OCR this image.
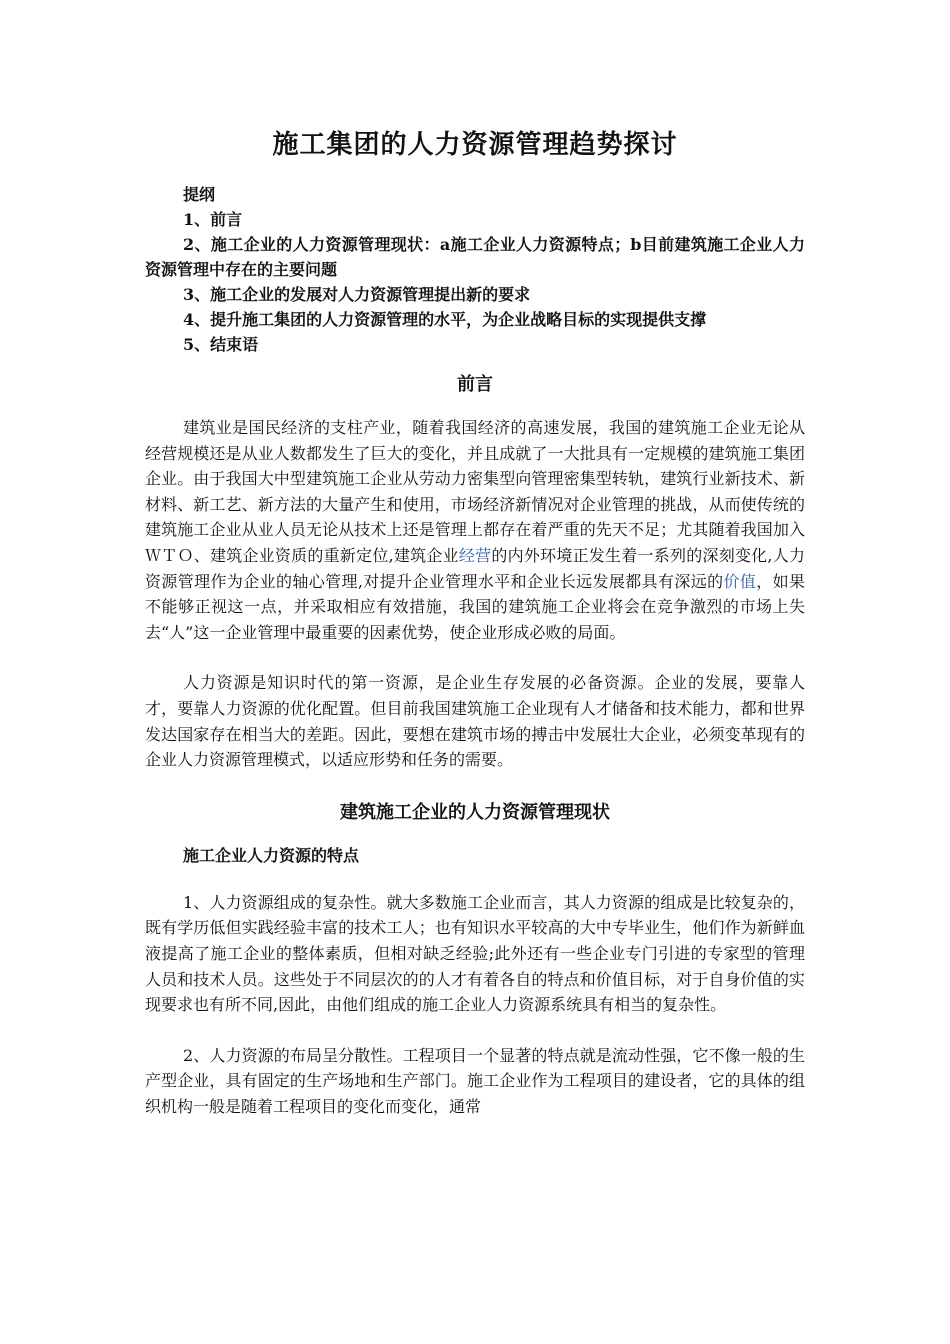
施工集团的人力资源管理趋势探讨
提纲
1、前言
2、施工企业的人力资源管理现状：a施工企业人力资源特点；b目前建筑施工企业人力资源管理中存在的主要问题
3、施工企业的发展对人力资源管理提出新的要求
4、提升施工集团的人力资源管理的水平，为企业战略目标的实现提供支撑
5、结束语
前言

建筑业是国民经济的支柱产业，随着我国经济的高速发展，我国的建筑施工企业无论从经营规模还是从业人数都发生了巨大的变化，并且成就了一大批具有一定规模的建筑施工集团企业。由于我国大中型建筑施工企业从劳动力密集型向管理密集型转轨，建筑行业新技术、新材料、新工艺、新方法的大量产生和使用，市场经济新情况对企业管理的挑战，从而使传统的建筑施工企业从业人员无论从技术上还是管理上都存在着严重的先天不足；尤其随着我国加入ＷＴＯ、建筑企业资质的重新定位,建筑企业经营的内外环境正发生着一系列的深刻变化,人力资源管理作为企业的轴心管理,对提升企业管理水平和企业长远发展都具有深远的价值，如果不能够正视这一点，并采取相应有效措施，我国的建筑施工企业将会在竞争激烈的市场上失去“人”这一企业管理中最重要的因素优势，使企业形成必败的局面。

人力资源是知识时代的第一资源，是企业生存发展的必备资源。企业的发展，要靠人才，要靠人力资源的优化配置。但目前我国建筑施工企业现有人才储备和技术能力，都和世界发达国家存在相当大的差距。因此，要想在建筑市场的搏击中发展壮大企业，必须变革现有的企业人力资源管理模式，以适应形势和任务的需要。

建筑施工企业的人力资源管理现状
施工企业人力资源的特点

1、人力资源组成的复杂性。就大多数施工企业而言，其人力资源的组成是比较复杂的，既有学历低但实践经验丰富的技术工人；也有知识水平较高的大中专毕业生，他们作为新鲜血液提高了施工企业的整体素质，但相对缺乏经验;此外还有一些企业专门引进的专家型的管理人员和技术人员。这些处于不同层次的的人才有着各自的特点和价值目标，对于自身价值的实现要求也有所不同,因此，由他们组成的施工企业人力资源系统具有相当的复杂性。

2、人力资源的布局呈分散性。工程项目一个显著的特点就是流动性强，它不像一般的生产型企业，具有固定的生产场地和生产部门。施工企业作为工程项目的建设者，它的具体的组织机构一般是随着工程项目的变化而变化，通常
